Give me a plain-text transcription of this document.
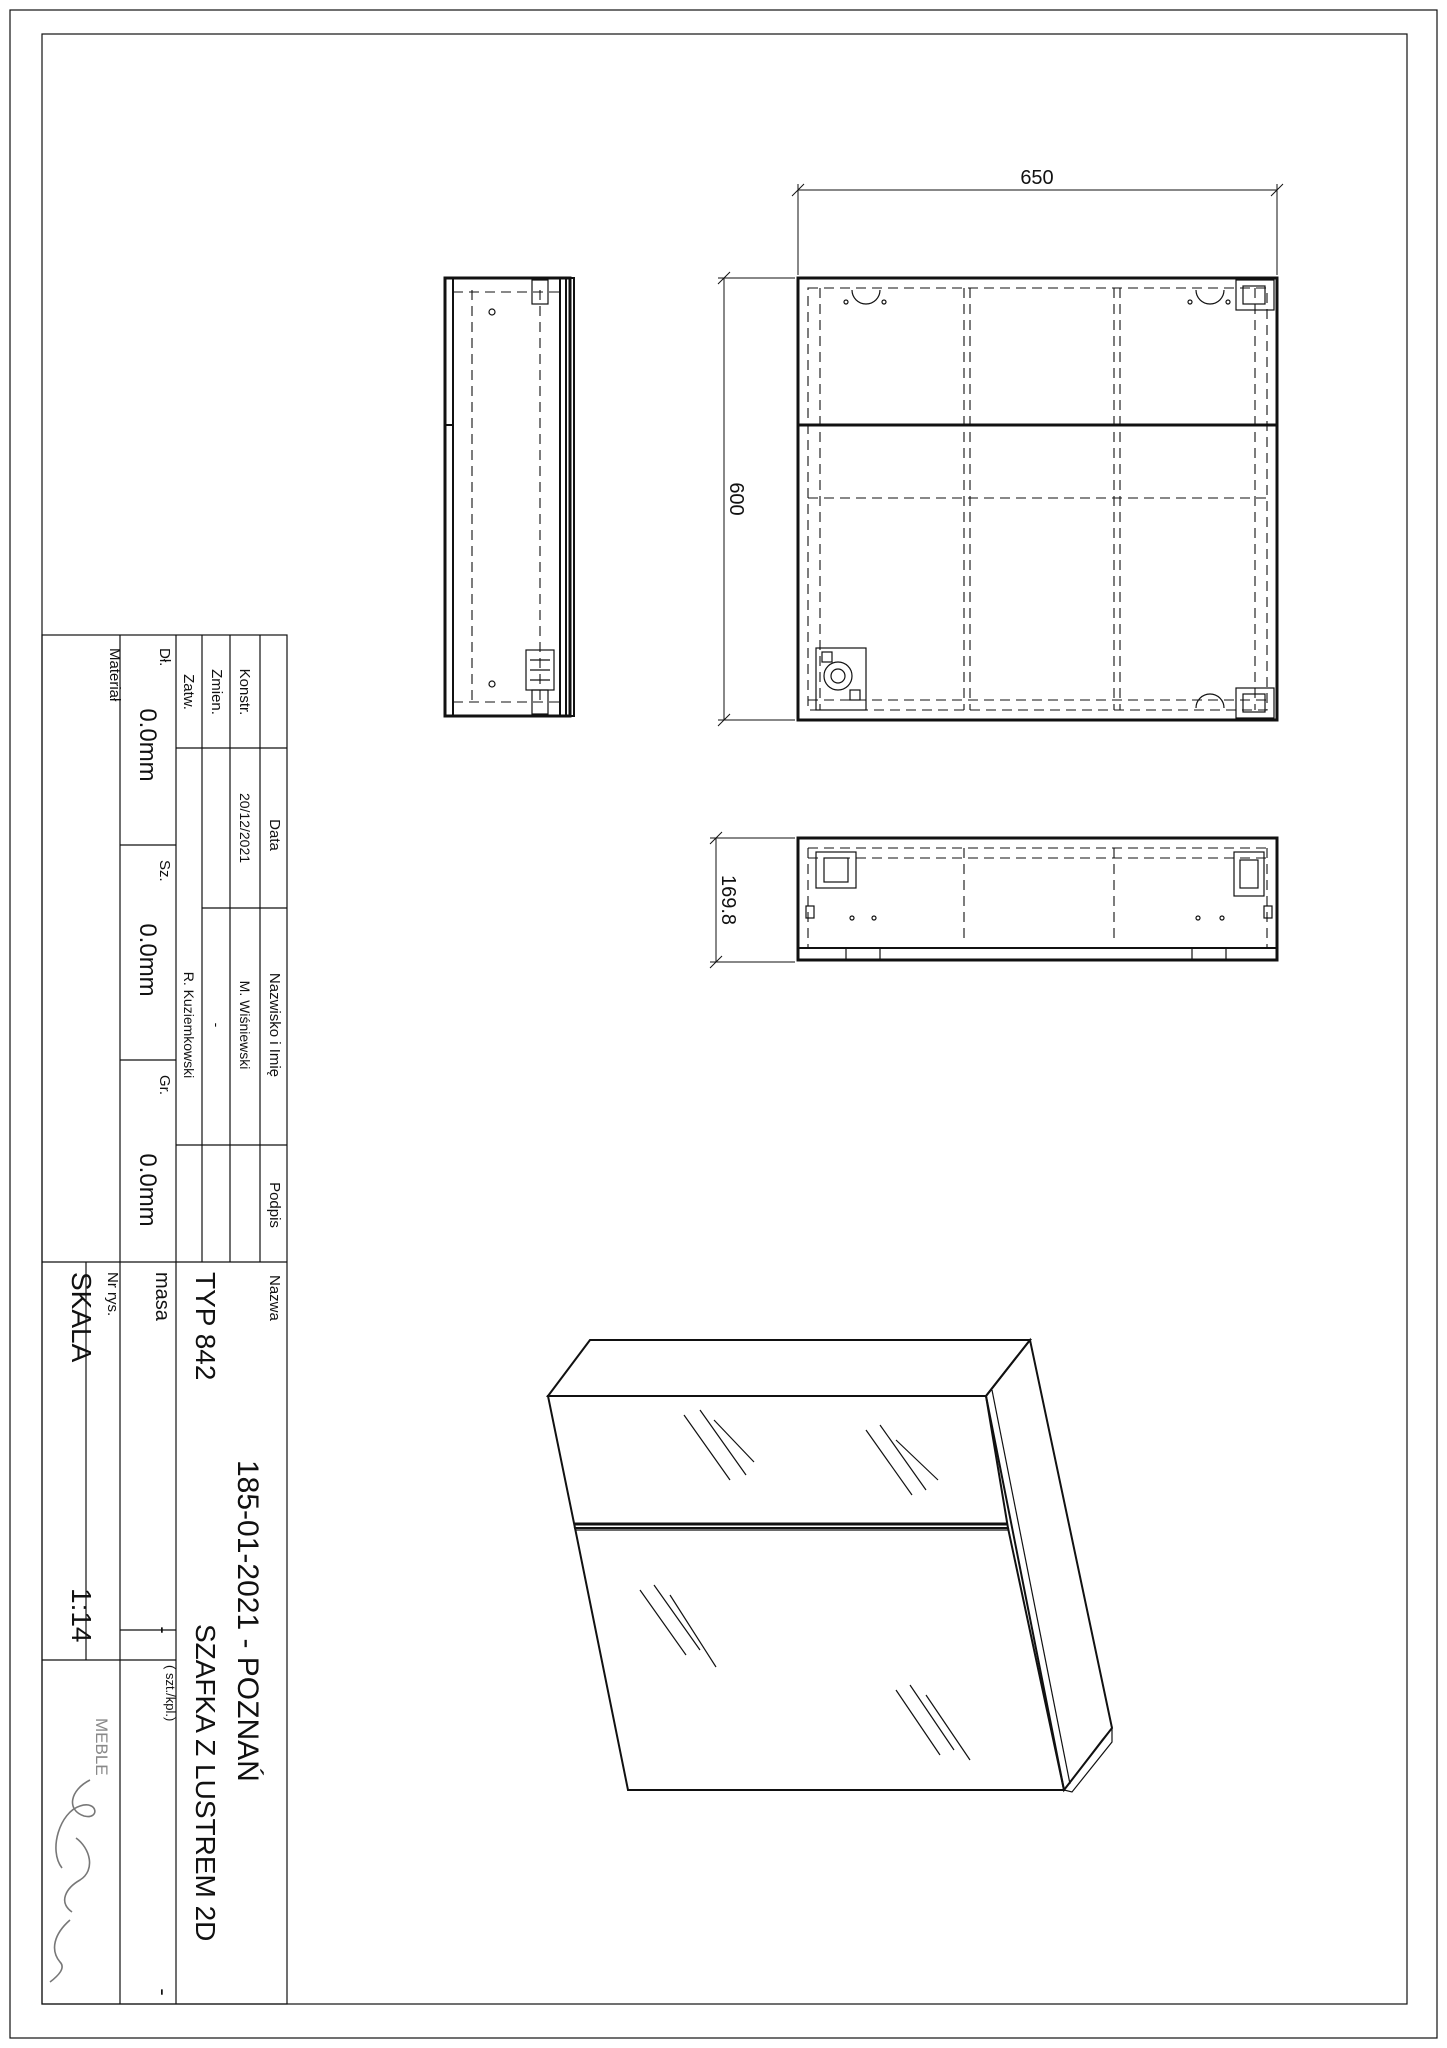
650
600
169.8
Data
Nazwisko i Imię
Podpis
Nazwa
Konstr.
20/12/2021
M. Wiśniewski
Zmien.
-
Zatw.
R. Kuziemkowski
Dł.
Sz.
Gr.
0.0mm
0.0mm
0.0mm
Materiał
185-01-2021 - POZNAŃ
TYP 842
SZAFKA Z LUSTREM 2D
masa
-
( szt./kpl.)
-
Nr rys.
SKALA
1:14
MEBLE
